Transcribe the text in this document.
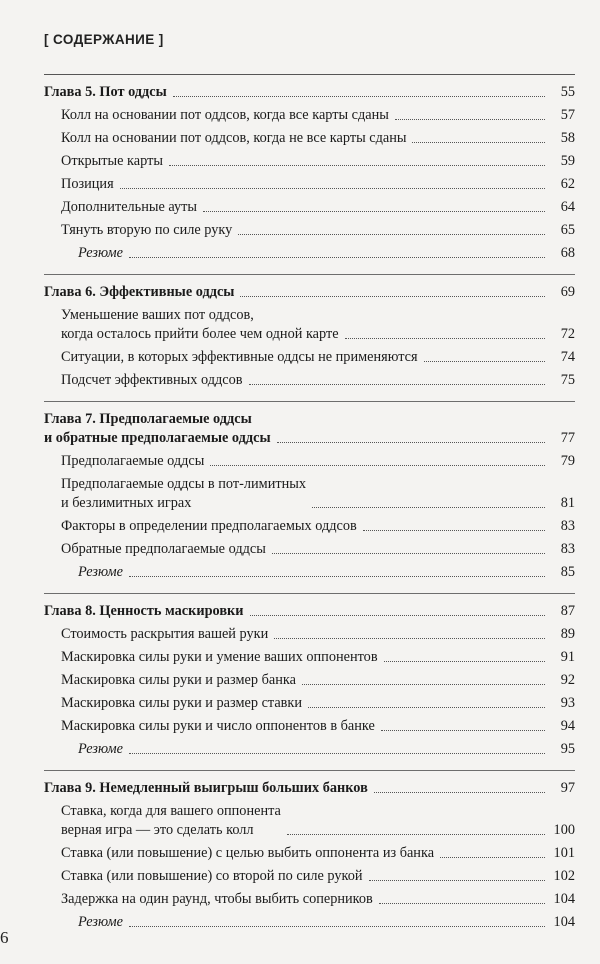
[ СОДЕРЖАНИЕ ]
Глава 5. Пот оддсы	55
Колл на основании пот оддсов, когда все карты сданы	57
Колл на основании пот оддсов, когда не все карты сданы	58
Открытые карты	59
Позиция	62
Дополнительные ауты	64
Тянуть вторую по силе руку	65
Резюме	68
Глава 6. Эффективные оддсы	69
Уменьшение ваших пот оддсов,
когда осталось прийти более чем одной карте	72
Ситуации, в которых эффективные оддсы не применяются	74
Подсчет эффективных оддсов	75
Глава 7. Предполагаемые оддсы
и обратные предполагаемые оддсы	77
Предполагаемые оддсы	79
Предполагаемые оддсы в пот-лимитных
и безлимитных играх	81
Факторы в определении предполагаемых оддсов	83
Обратные предполагаемые оддсы	83
Резюме	85
Глава 8. Ценность маскировки	87
Стоимость раскрытия вашей руки	89
Маскировка силы руки и умение ваших оппонентов	91
Маскировка силы руки и размер банка	92
Маскировка силы руки и размер ставки	93
Маскировка силы руки и число оппонентов в банке	94
Резюме	95
Глава 9. Немедленный выигрыш больших банков	97
Ставка, когда для вашего оппонента
верная игра — это сделать колл	100
Ставка (или повышение) с целью выбить оппонента из банка	101
Ставка (или повышение) со второй по силе рукой	102
Задержка на один раунд, чтобы выбить соперников	104
Резюме	104
6
